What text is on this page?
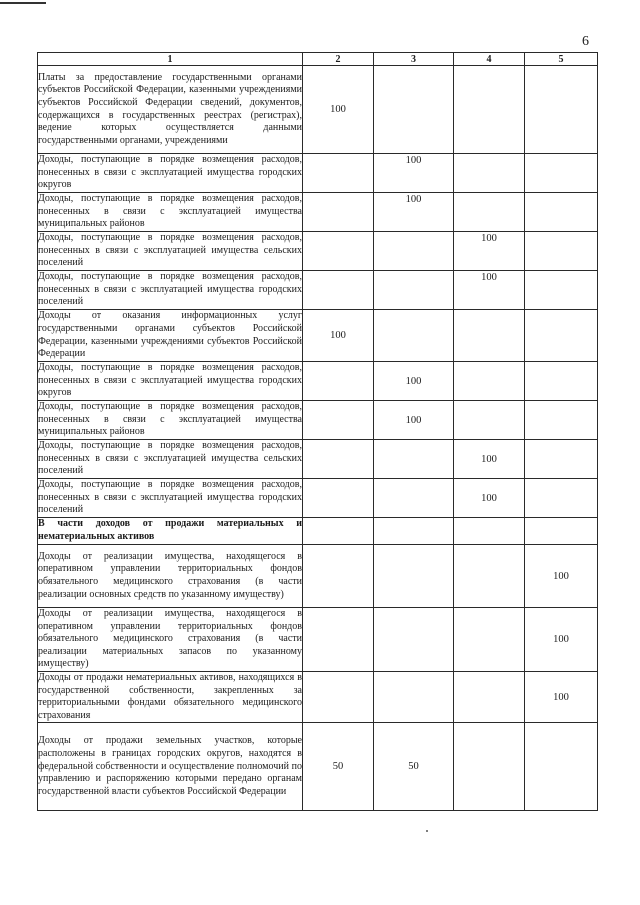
6
1	2	3	4	5
Платы за предоставление государственными органами субъектов Российской Федерации, казенными учреждениями субъектов Российской Федерации сведений, документов, содержащихся в государственных реестрах (регистрах), ведение которых осуществляется данными государственными органами, учреждениями	100			
Доходы, поступающие в порядке возмещения расходов, понесенных в связи с эксплуатацией имущества городских округов		100		
Доходы, поступающие в порядке возмещения расходов, понесенных в связи с эксплуатацией имущества муниципальных районов		100		
Доходы, поступающие в порядке возмещения расходов, понесенных в связи с эксплуатацией имущества сельских поселений			100	
Доходы, поступающие в порядке возмещения расходов, понесенных в связи с эксплуатацией имущества городских поселений			100	
Доходы от оказания информационных услуг государственными органами субъектов Российской Федерации, казенными учреждениями субъектов Российской Федерации	100			
Доходы, поступающие в порядке возмещения расходов, понесенных в связи с эксплуатацией имущества городских округов		100		
Доходы, поступающие в порядке возмещения расходов, понесенных в связи с эксплуатацией имущества муниципальных районов		100		
Доходы, поступающие в порядке возмещения расходов, понесенных в связи с эксплуатацией имущества сельских поселений			100	
Доходы, поступающие в порядке возмещения расходов, понесенных в связи с эксплуатацией имущества городских поселений			100	
В части доходов от продажи материальных и нематериальных активов				
Доходы от реализации имущества, находящегося в оперативном управлении территориальных фондов обязательного медицинского страхования (в части реализации основных средств по указанному имуществу)				100
Доходы от реализации имущества, находящегося в оперативном управлении территориальных фондов обязательного медицинского страхования (в части реализации материальных запасов по указанному имуществу)				100
Доходы от продажи нематериальных активов, находящихся в государственной собственности, закрепленных за территориальными фондами обязательного медицинского страхования				100
Доходы от продажи земельных участков, которые расположены в границах городских округов, находятся в федеральной собственности и осуществление полномочий по управлению и распоряжению которыми передано органам государственной власти субъектов Российской Федерации	50	50		
